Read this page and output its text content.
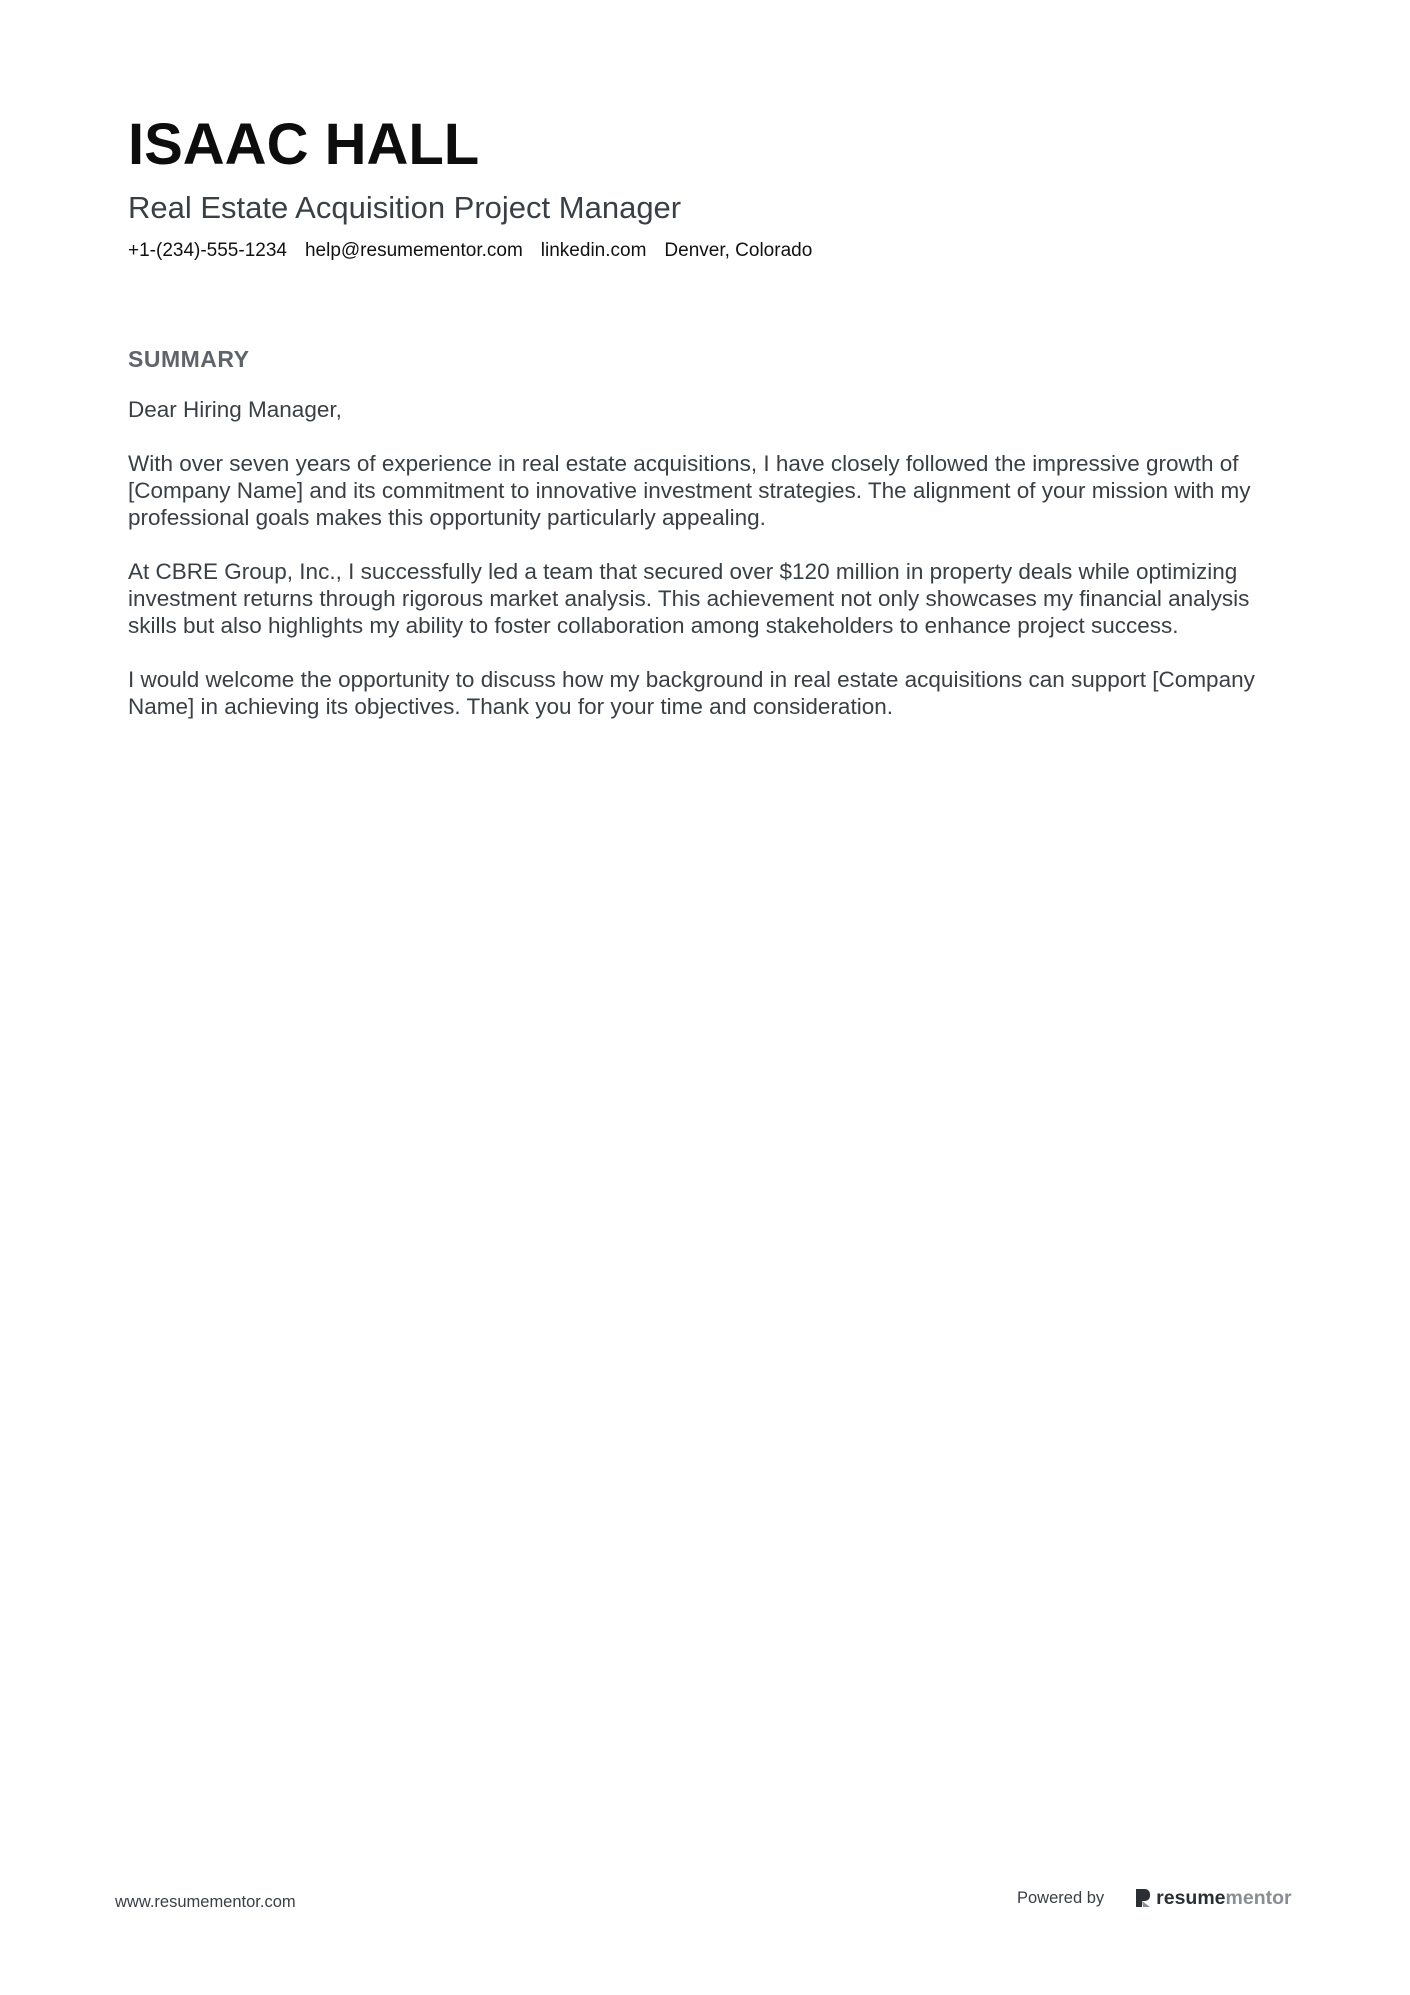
ISAAC HALL
Real Estate Acquisition Project Manager
+1-(234)-555-1234 help@resumementor.com linkedin.com Denver, Colorado
SUMMARY

Dear Hiring Manager,

With over seven years of experience in real estate acquisitions, I have closely followed the impressive growth of [Company Name] and its commitment to innovative investment strategies. The alignment of your mission with my professional goals makes this opportunity particularly appealing.

At CBRE Group, Inc., I successfully led a team that secured over $120 million in property deals while optimizing investment returns through rigorous market analysis. This achievement not only showcases my financial analysis skills but also highlights my ability to foster collaboration among stakeholders to enhance project success.

I would welcome the opportunity to discuss how my background in real estate acquisitions can support [Company Name] in achieving its objectives. Thank you for your time and consideration.

www.resumementor.com	Powered by	resumementor
